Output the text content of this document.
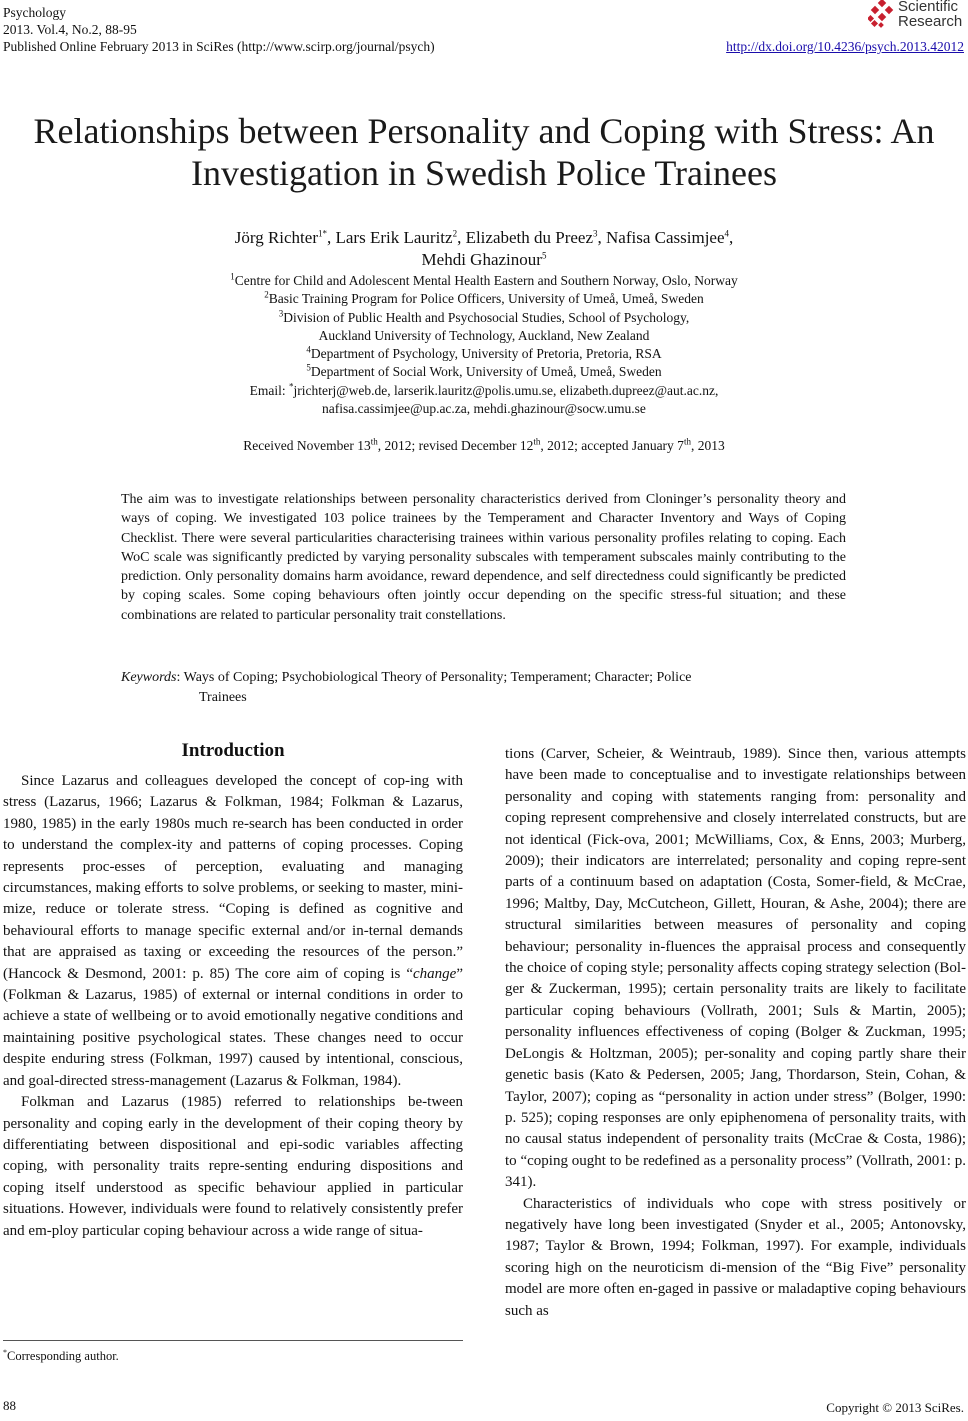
Psychology
2013. Vol.4, No.2, 88-95
Published Online February 2013 in SciRes (http://www.scirp.org/journal/psych)	http://dx.doi.org/10.4236/psych.2013.42012
Scientific
Research
Relationships between Personality and Coping with Stress: An
Investigation in Swedish Police Trainees
Jörg Richter$^{1*}$, Lars Erik Lauritz$^2$, Elizabeth du Preez$^3$, Nafisa Cassimjee$^4$,
Mehdi Ghazinour$^5$
$^1$Centre for Child and Adolescent Mental Health Eastern and Southern Norway, Oslo, Norway
$^2$Basic Training Program for Police Officers, University of Umeå, Umeå, Sweden
$^3$Division of Public Health and Psychosocial Studies, School of Psychology,
Auckland University of Technology, Auckland, New Zealand
$^4$Department of Psychology, University of Pretoria, Pretoria, RSA
$^5$Department of Social Work, University of Umeå, Umeå, Sweden
Email: *jrichterj@web.de, larserik.lauritz@polis.umu.se, elizabeth.dupreez@aut.ac.nz,
nafisa.cassimjee@up.ac.za, mehdi.ghazinour@socw.umu.se
Received November 13th, 2012; revised December 12th, 2012; accepted January 7th, 2013
The aim was to investigate relationships between personality characteristics derived from Cloninger’s personality theory and ways of coping. We investigated 103 police trainees by the Temperament and Character Inventory and Ways of Coping Checklist. There were several particularities characterising trainees within various personality profiles relating to coping. Each WoC scale was significantly predicted by varying personality subscales with temperament subscales mainly contributing to the prediction. Only personality domains harm avoidance, reward dependence, and self directedness could significantly be predicted by coping scales. Some coping behaviours often jointly occur depending on the specific stress-ful situation; and these combinations are related to particular personality trait constellations.
Keywords: Ways of Coping; Psychobiological Theory of Personality; Temperament; Character; Police
Trainees
Introduction

Since Lazarus and colleagues developed the concept of cop-ing with stress (Lazarus, 1966; Lazarus & Folkman, 1984; Folkman & Lazarus, 1980, 1985) in the early 1980s much re-search has been conducted in order to understand the complex-ity and patterns of coping processes. Coping represents proc-esses of perception, evaluating and managing circumstances, making efforts to solve problems, or seeking to master, mini-mize, reduce or tolerate stress. “Coping is defined as cognitive and behavioural efforts to manage specific external and/or in-ternal demands that are appraised as taxing or exceeding the resources of the person.” (Hancock & Desmond, 2001: p. 85) The core aim of coping is “change” (Folkman & Lazarus, 1985) of external or internal conditions in order to achieve a state of wellbeing or to avoid emotionally negative conditions and maintaining positive psychological states. These changes need to occur despite enduring stress (Folkman, 1997) caused by intentional, conscious, and goal-directed stress-management (Lazarus & Folkman, 1984).

Folkman and Lazarus (1985) referred to relationships be-tween personality and coping early in the development of their coping theory by differentiating between dispositional and epi-sodic variables affecting coping, with personality traits repre-senting enduring dispositions and coping itself understood as specific behaviour applied in particular situations. However, individuals were found to relatively consistently prefer and em-ploy particular coping behaviour across a wide range of situa-

tions (Carver, Scheier, & Weintraub, 1989). Since then, various attempts have been made to conceptualise and to investigate relationships between personality and coping with statements ranging from: personality and coping represent comprehensive and closely interrelated constructs, but are not identical (Fick-ova, 2001; McWilliams, Cox, & Enns, 2003; Murberg, 2009); their indicators are interrelated; personality and coping repre-sent parts of a continuum based on adaptation (Costa, Somer-field, & McCrae, 1996; Maltby, Day, McCutcheon, Gillett, Houran, & Ashe, 2004); there are structural similarities between measures of personality and coping behaviour; personality in-fluences the appraisal process and consequently the choice of coping style; personality affects coping strategy selection (Bol-ger & Zuckerman, 1995); certain personality traits are likely to facilitate particular coping behaviours (Vollrath, 2001; Suls & Martin, 2005); personality influences effectiveness of coping (Bolger & Zuckman, 1995; DeLongis & Holtzman, 2005); per-sonality and coping partly share their genetic basis (Kato & Pedersen, 2005; Jang, Thordarson, Stein, Cohan, & Taylor, 2007); coping as “personality in action under stress” (Bolger, 1990: p. 525); coping responses are only epiphenomena of personality traits, with no causal status independent of personality traits (McCrae & Costa, 1986); to “coping ought to be redefined as a personality process” (Vollrath, 2001: p. 341).

Characteristics of individuals who cope with stress positively or negatively have long been investigated (Snyder et al., 2005; Antonovsky, 1987; Taylor & Brown, 1994; Folkman, 1997). For example, individuals scoring high on the neuroticism di-mension of the “Big Five” personality model are more often en-gaged in passive or maladaptive coping behaviours such as

*Corresponding author.
88	Copyright © 2013 SciRes.
